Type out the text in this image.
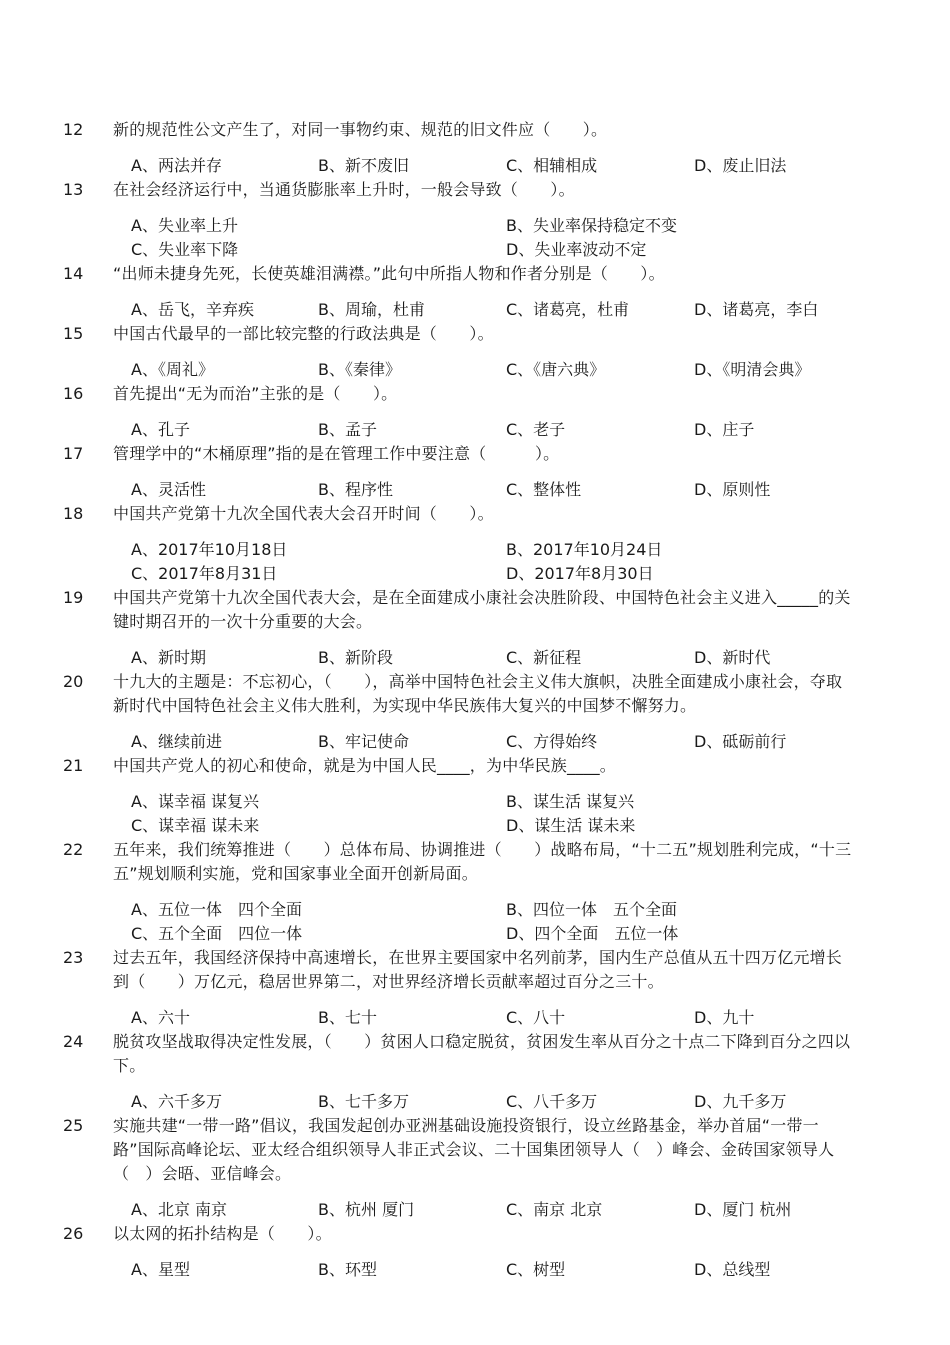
12 新的规范性公文产生了，对同一事物约束、规范的旧文件应（　　）。
A、两法并存	B、新不废旧	C、相辅相成	D、废止旧法
13 在社会经济运行中，当通货膨胀率上升时，一般会导致（　　）。
A、失业率上升	B、失业率保持稳定不变
C、失业率下降	D、失业率波动不定
14 “出师未捷身先死，长使英雄泪满襟。”此句中所指人物和作者分别是（　　）。
A、岳飞，辛弃疾	B、周瑜，杜甫	C、诸葛亮，杜甫	D、诸葛亮，李白
15 中国古代最早的一部比较完整的行政法典是（　　）。
A、《周礼》	B、《秦律》	C、《唐六典》	D、《明清会典》
16 首先提出“无为而治”主张的是（　　）。
A、孔子	B、孟子	C、老子	D、庄子
17 管理学中的“木桶原理”指的是在管理工作中要注意（　　　）。
A、灵活性	B、程序性	C、整体性	D、原则性
18 中国共产党第十九次全国代表大会召开时间（　　）。
A、2017年10月18日	B、2017年10月24日
C、2017年8月31日	D、2017年8月30日
19 中国共产党第十九次全国代表大会，是在全面建成小康社会决胜阶段、中国特色社会主义进入_____的关键时期召开的一次十分重要的大会。
A、新时期	B、新阶段	C、新征程	D、新时代
20 十九大的主题是：不忘初心，（　　），高举中国特色社会主义伟大旗帜，决胜全面建成小康社会，夺取新时代中国特色社会主义伟大胜利，为实现中华民族伟大复兴的中国梦不懈努力。
A、继续前进	B、牢记使命	C、方得始终	D、砥砺前行
21 中国共产党人的初心和使命，就是为中国人民____，为中华民族____。
A、谋幸福 谋复兴	B、谋生活 谋复兴
C、谋幸福 谋未来	D、谋生活 谋未来
22 五年来，我们统筹推进（　　）总体布局、协调推进（　　）战略布局，“十二五”规划胜利完成，“十三五”规划顺利实施，党和国家事业全面开创新局面。
A、五位一体　四个全面	B、四位一体　五个全面
C、五个全面　四位一体	D、四个全面　五位一体
23 过去五年，我国经济保持中高速增长，在世界主要国家中名列前茅，国内生产总值从五十四万亿元增长到（　　）万亿元，稳居世界第二，对世界经济增长贡献率超过百分之三十。
A、六十	B、七十	C、八十	D、九十
24 脱贫攻坚战取得决定性发展，（　　）贫困人口稳定脱贫，贫困发生率从百分之十点二下降到百分之四以下。
A、六千多万	B、七千多万	C、八千多万	D、九千多万
25 实施共建“一带一路”倡议，我国发起创办亚洲基础设施投资银行，设立丝路基金，举办首届“一带一路”国际高峰论坛、亚太经合组织领导人非正式会议、二十国集团领导人（　）峰会、金砖国家领导人（　）会晤、亚信峰会。
A、北京 南京	B、杭州 厦门	C、南京 北京	D、厦门 杭州
26 以太网的拓扑结构是（　　）。
A、星型	B、环型	C、树型	D、总线型
